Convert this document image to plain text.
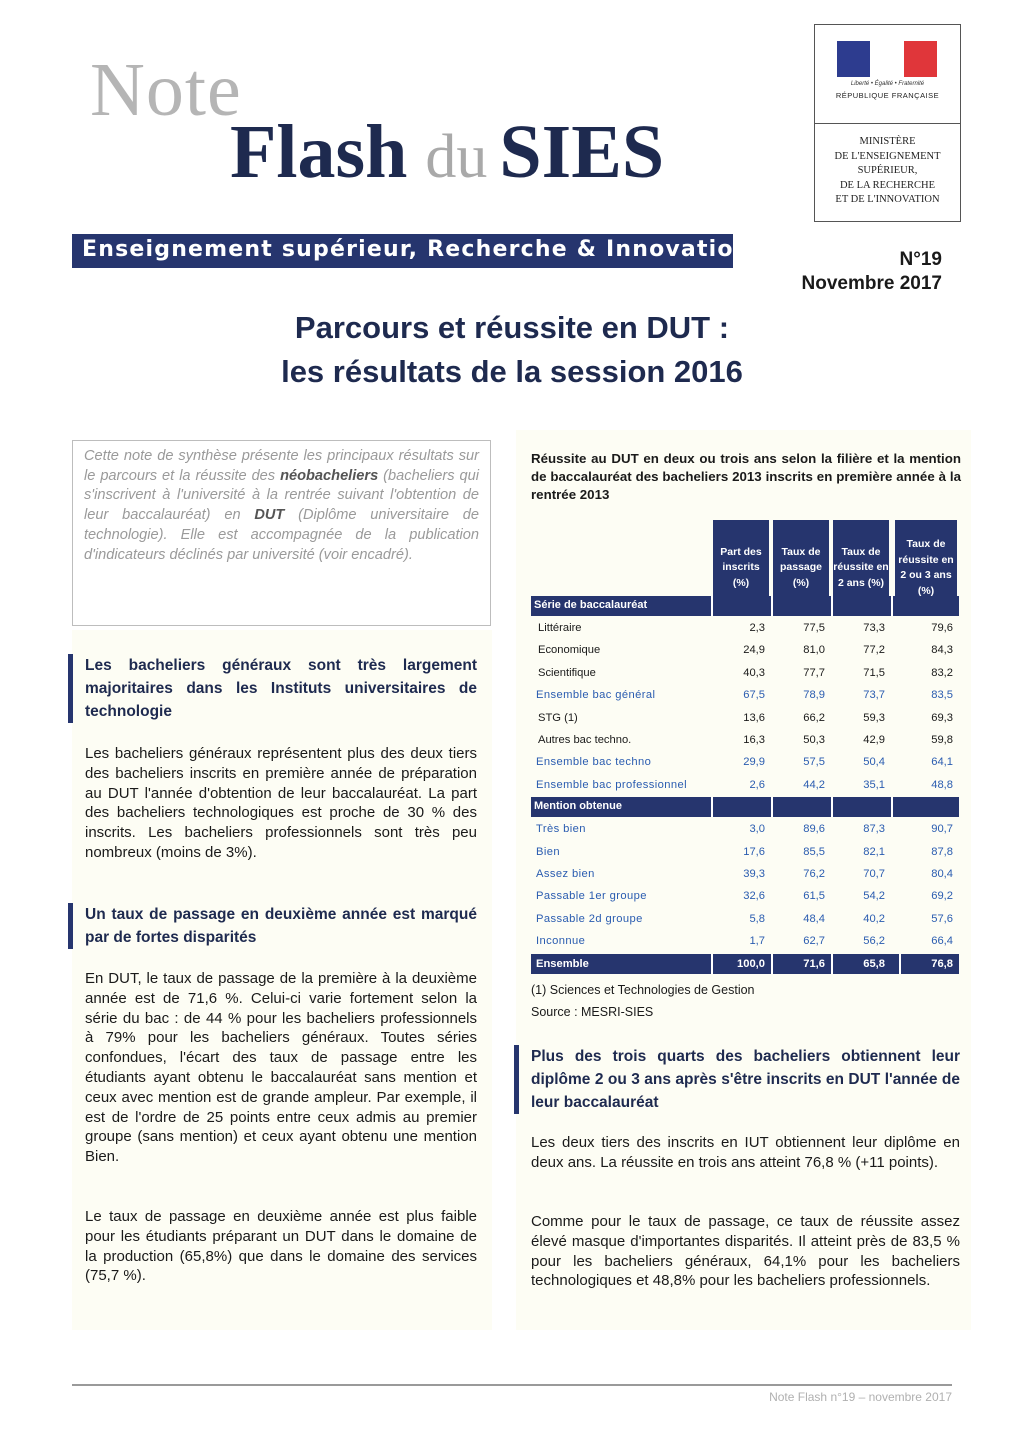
Note
Flash du SIES
Liberté • Égalité • Fraternité
RÉPUBLIQUE FRANÇAISE
MINISTÈRE
DE L'ENSEIGNEMENT
SUPÉRIEUR,
DE LA RECHERCHE
ET DE L'INNOVATION
Enseignement supérieur, Recherche & Innovation	N°19
Novembre 2017
Parcours et réussite en DUT :
les résultats de la session 2016
Cette note de synthèse présente les principaux résultats sur le parcours et la réussite des néobacheliers (bacheliers qui s'inscrivent à l'université à la rentrée suivant l'obtention de leur baccalauréat) en DUT (Diplôme universitaire de technologie). Elle est accompagnée de la publication d'indicateurs déclinés par université (voir encadré).
Les bacheliers généraux sont très largement majoritaires dans les Instituts universitaires de technologie
Les bacheliers généraux représentent plus des deux tiers des bacheliers inscrits en première année de préparation au DUT l'année d'obtention de leur baccalauréat. La part des bacheliers technologiques est proche de 30 % des inscrits. Les bacheliers professionnels sont très peu nombreux (moins de 3%).
Un taux de passage en deuxième année est marqué par de fortes disparités
En DUT, le taux de passage de la première à la deuxième année est de 71,6 %. Celui-ci varie fortement selon la série du bac : de 44 % pour les bacheliers professionnels à 79% pour les bacheliers généraux. Toutes séries confondues, l'écart des taux de passage entre les étudiants ayant obtenu le baccalauréat sans mention et ceux avec mention est de grande ampleur. Par exemple, il est de l'ordre de 25 points entre ceux admis au premier groupe (sans mention) et ceux ayant obtenu une mention Bien.
Le taux de passage en deuxième année est plus faible pour les étudiants préparant un DUT dans le domaine de la production (65,8%) que dans le domaine des services (75,7 %).
Réussite au DUT en deux ou trois ans selon la filière et la mention de baccalauréat des bacheliers 2013 inscrits en première année à la rentrée 2013
Part des inscrits (%)
Taux de passage (%)
Taux de réussite en 2 ans (%)
Taux de réussite en 2 ou 3 ans (%)
Série de baccalauréat
Littéraire	2,3	77,5	73,3	79,6
Economique	24,9	81,0	77,2	84,3
Scientifique	40,3	77,7	71,5	83,2
Ensemble bac général	67,5	78,9	73,7	83,5
STG (1)	13,6	66,2	59,3	69,3
Autres bac techno.	16,3	50,3	42,9	59,8
Ensemble bac techno	29,9	57,5	50,4	64,1
Ensemble bac professionnel	2,6	44,2	35,1	48,8
Mention obtenue
Très bien	3,0	89,6	87,3	90,7
Bien	17,6	85,5	82,1	87,8
Assez bien	39,3	76,2	70,7	80,4
Passable 1er groupe	32,6	61,5	54,2	69,2
Passable 2d groupe	5,8	48,4	40,2	57,6
Inconnue	1,7	62,7	56,2	66,4
Ensemble	100,0	71,6	65,8	76,8
(1) Sciences et Technologies de Gestion
Source : MESRI-SIES
Plus des trois quarts des bacheliers obtiennent leur diplôme 2 ou 3 ans après s'être inscrits en DUT l'année de leur baccalauréat
Les deux tiers des inscrits en IUT obtiennent leur diplôme en deux ans. La réussite en trois ans atteint 76,8 % (+11 points).
Comme pour le taux de passage, ce taux de réussite assez élevé masque d'importantes disparités. Il atteint près de 83,5 % pour les bacheliers généraux, 64,1% pour les bacheliers technologiques et 48,8% pour les bacheliers professionnels.
Note Flash n°19 – novembre 2017
